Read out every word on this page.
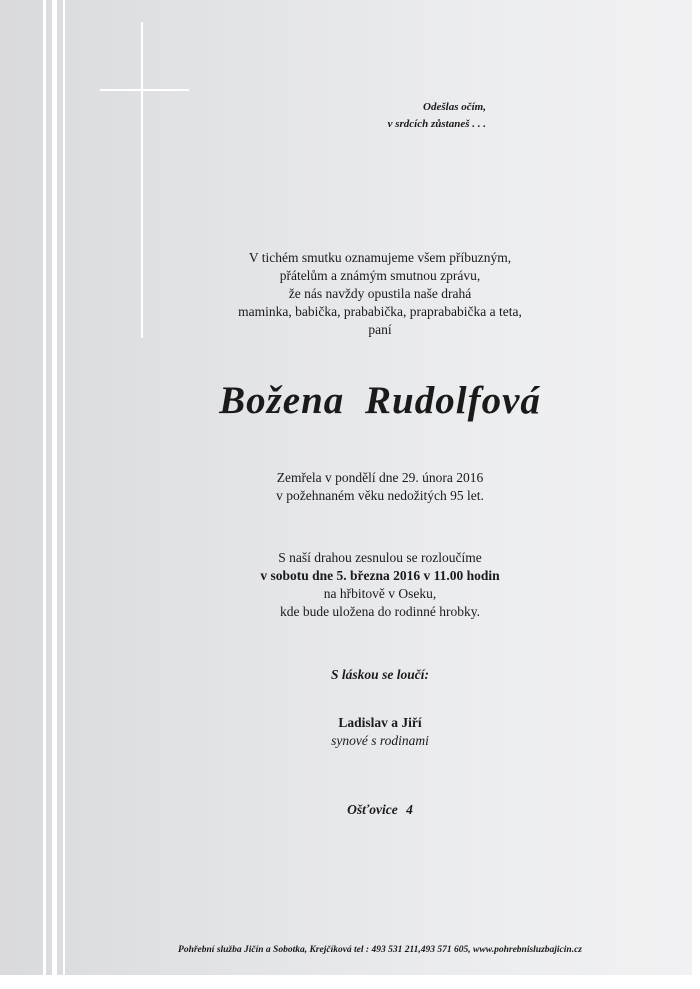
Odešlas očím,
v srdcích zůstaneš . . .
V tichém smutku oznamujeme všem příbuzným,
přátelům a známým smutnou zprávu,
že nás navždy opustila naše drahá
maminka, babička, prababička, praprababička a teta,
paní
Božena Rudolfová
Zemřela v pondělí dne 29. února 2016
v požehnaném věku nedožitých 95 let.
S naší drahou zesnulou se rozloučíme
v sobotu dne 5. března 2016 v 11.00 hodin
na hřbitově v Oseku,
kde bude uložena do rodinné hrobky.
S láskou se loučí:
Ladislav a Jiří
synové s rodinami
Ošťovice 4
Pohřební služba Jičín a Sobotka, Krejčíková tel : 493 531 211,493 571 605, www.pohrebnisluzbajicin.cz
